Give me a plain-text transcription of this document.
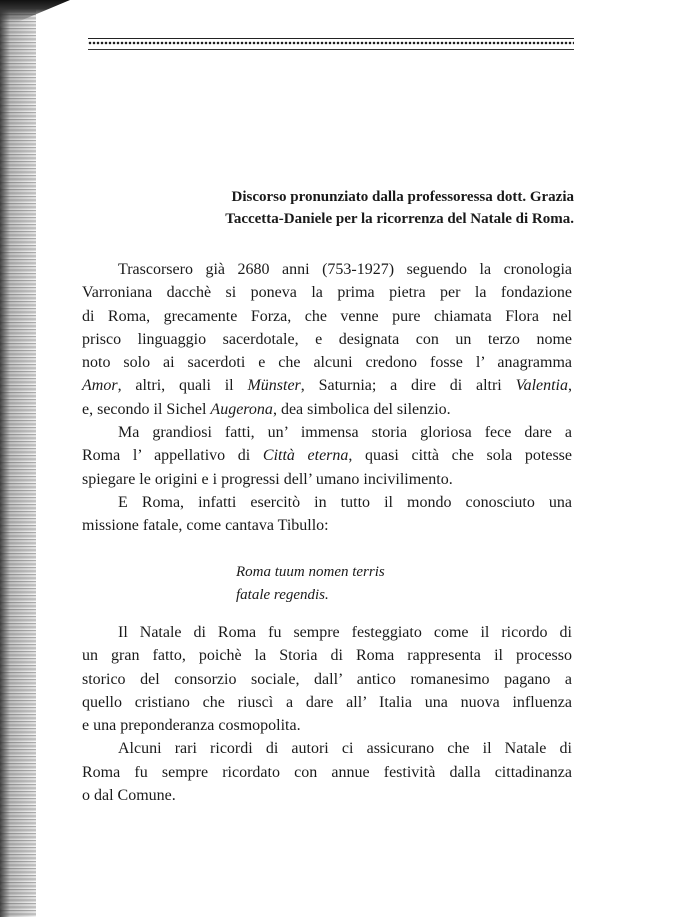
Discorso pronunziato dalla professoressa dott. Grazia
Taccetta-Daniele per la ricorrenza del Natale di Roma.
Trascorsero già 2680 anni (753-1927) seguendo la cronologia
Varroniana dacchè si poneva la prima pietra per la fondazione
di Roma, grecamente Forza, che venne pure chiamata Flora nel
prisco linguaggio sacerdotale, e designata con un terzo nome
noto solo ai sacerdoti e che alcuni credono fosse l’ anagramma
Amor, altri, quali il Münster, Saturnia; a dire di altri Valentia,
e, secondo il Sichel Augerona, dea simbolica del silenzio.
Ma grandiosi fatti, un’ immensa storia gloriosa fece dare a
Roma l’ appellativo di Città eterna, quasi città che sola potesse
spiegare le origini e i progressi dell’ umano incivilimento.
E Roma, infatti esercitò in tutto il mondo conosciuto una
missione fatale, come cantava Tibullo:
Roma tuum nomen terris
fatale regendis.
Il Natale di Roma fu sempre festeggiato come il ricordo di
un gran fatto, poichè la Storia di Roma rappresenta il processo
storico del consorzio sociale, dall’ antico romanesimo pagano a
quello cristiano che riuscì a dare all’ Italia una nuova influenza
e una preponderanza cosmopolita.
Alcuni rari ricordi di autori ci assicurano che il Natale di
Roma fu sempre ricordato con annue festività dalla cittadinanza
o dal Comune.
